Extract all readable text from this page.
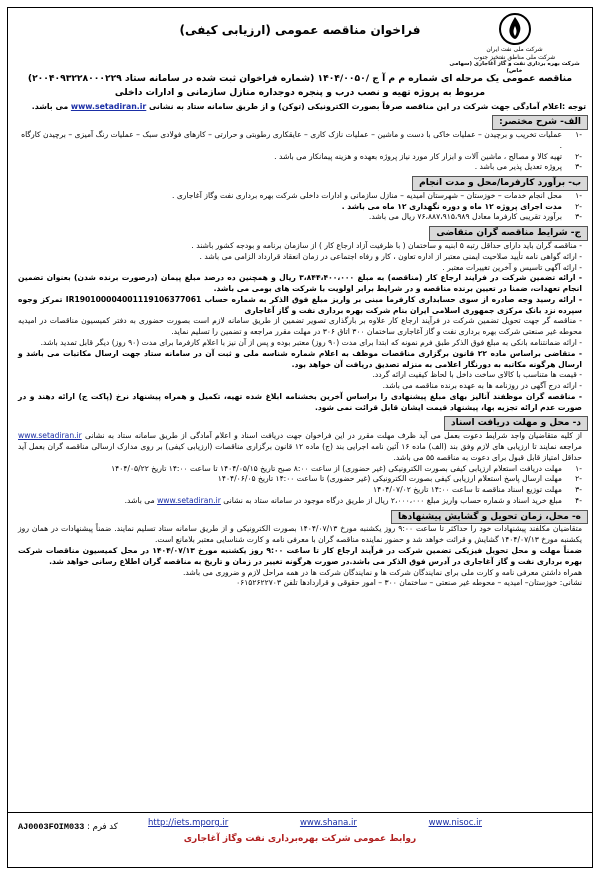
شرکت ملی نفت ایران
شرکت ملی مناطق نفتخیز جنوب
شرکت بهره برداری نفت و گاز آغاجاری (سهامی خاص)
فراخوان مناقصه عمومی (ارزیابی کیفی)
مناقصه عمومی یک مرحله ای شماره م م آ ج /۱۴۰۴/۰۰۵۰ (شماره فراخوان ثبت شده در سامانه ستاد ۲۰۰۴۰۹۳۲۲۸۰۰۰۲۲۹)
مربوط به پروژه تهیه و نصب درب و پنجره دوجداره منازل سازمانی و ادارات داخلی
توجه :اعلام آمادگی جهت شرکت در این مناقصه صرفاً بصورت الکترونیکی (توکن) و از طریق سامانه ستاد به نشانی www.setadiran.ir می باشد.
الف- شرح مختصر:
-۱
عملیات تخریب و برچیدن – عملیات خاکی با دست و ماشین – عملیات نازک کاری – عایقکاری رطوبتی و حرارتی – کارهای فولادی سبک – عملیات رنگ آمیزی – برچیدن کارگاه .
-۲
تهیه کالا و مصالح ، ماشین آلات و ابزار کار مورد نیاز پروژه بعهده و هزینه پیمانکار می باشد .
-۳
پروژه تعدیل پذیر می باشد .
ب- برآورد کارفرما/محل و مدت انجام
-۱
محل انجام خدمات – خوزستان – شهرستان امیدیه – منازل سازمانی و ادارات داخلی شرکت بهره برداری نفت وگاز آغاجاری .
-۲
مدت اجرای پروژه ۱۲ ماه و دوره نگهداری ۱۲ ماه می باشد .
-۳
برآورد تقریبی کارفرما معادل ۷۶،۸۸۷،۹۱۵،۹۸۹ ریال می باشد.
ج- شرایط مناقصه گران متقاضی
- مناقصه گران باید دارای حداقل رتبه ۵ ابنیه و ساختمان ( با ظرفیت آزاد ارجاع کار ) از سازمان برنامه و بودجه کشور باشند .
- ارائه گواهی نامه تأیید صلاحیت ایمنی معتبر از اداره تعاون ، کار و رفاه اجتماعی در زمان انعقاد قرارداد الزامی می باشد .
- ارائه آگهی تاسیس و آخرین تغییرات معتبر .
- ارائه تضمین شرکت در فرایند ارجاع کار (مناقصه) به مبلغ ۳،۸۴۴،۴۰۰،۰۰۰ ریال و همچنین ده درصد مبلغ پیمان (درصورت برنده شدن) بعنوان تضمین انجام تعهدات، ضمنا در تعیین برنده مناقصه و در شرایط برابر اولویت با شرکت های بومی می باشد.
- ارائه رسید وجه صادره از سوی حسابداری کارفرما مبنی بر واریز مبلغ فوق الذکر به شماره حساب IR190100004001119106377061 تمرکز وجوه سپرده نزد بانک مرکزی جمهوری اسلامی ایران بنام شرکت بهره برداری نفت و گاز آغاجاری
- مناقصه گر جهت تحویل تضمین شرکت در فرآیند ارجاع کار علاوه بر بارگذاری تصویر تضمین از طریق سامانه لازم است بصورت حضوری به دفتر کمیسیون مناقصات در امیدیه محوطه غیر صنعتی شرکت بهره برداری نفت و گاز آغاجاری ساختمان ۳۰۰ اتاق ۳۰۶ در مهلت مقرر مراجعه و تضمین را تسلیم نماید.
- ارائه ضمانتنامه بانکی به مبلغ فوق الذکر طبق فرم نمونه که ابتدا برای مدت (۹۰ روز) معتبر بوده و پس از آن نیز با اعلام کارفرما برای مدت (۹۰ روز) دیگر قابل تمدید باشد.
- متقاضی براساس ماده ۲۲ قانون برگزاری مناقصات موظف به اعلام شماره شناسه ملی و ثبت آن در سامانه ستاد جهت ارسال مکاتبات می باشد و ارسال هرگونه مکاتبه به دورنگار اعلامی به منزله تصدیق دریافت آن خواهد بود.
- قیمت ها متناسب با کالای ساخت داخل با لحاظ کیفیت ارائه گردد.
- ارائه درج آگهی در روزنامه ها به عهده برنده مناقصه می باشد.
- مناقصه گران موظفند آنالیز بهای مبلغ پیشنهادی را براساس آخرین بخشنامه ابلاغ شده تهیه، تکمیل و همراه پیشنهاد نرخ (پاکت ج) ارائه دهند و در صورت عدم ارائه تجزیه بها، پیشنهاد قیمت ایشان قابل قرائت نمی شود.
د- محل و مهلت دریافت اسناد
از کلیه متقاضیان واجد شرایط دعوت بعمل می آید ظرف مهلت مقرر در این فراخوان جهت دریافت اسناد و اعلام آمادگی از طریق سامانه ستاد به نشانی www.setadiran.ir مراجعه نمایند تا ارزیابی های لازم وفق بند (الف) ماده ۱۶ آئین نامه اجرایی بند (ج) ماده ۱۲ قانون برگزاری مناقصات (ارزیابی کیفی) بر روی مدارک ارسالی مناقصه گران بعمل آید حداقل امتیاز قابل قبول برای دعوت به مناقصه ۵۵ می باشد.
-۱
مهلت دریافت استعلام ارزیابی کیفی بصورت الکترونیکی (غیر حضوری) از ساعت ۸:۰۰ صبح تاریخ ۱۴۰۴/۰۵/۱۵ تا ساعت ۱۴:۰۰ تاریخ ۱۴۰۴/۰۵/۲۲
-۲
مهلت ارسال پاسخ استعلام ارزیابی کیفی بصورت الکترونیکی (غیر حضوری) تا ساعت ۱۴:۰۰ تاریخ ۱۴۰۴/۰۶/۰۵
-۳
مهلت توزیع اسناد مناقصه تا ساعت ۱۴:۰۰ تاریخ ۱۴۰۴/۰۷/۰۲
-۴
مبلغ خرید اسناد و شماره حساب واریز مبلغ ۲،۰۰۰،۰۰۰ ریال از طریق درگاه موجود در سامانه ستاد به نشانی www.setadiran.ir می باشد.
ه- محل، زمان تحویل و گشایش پیشنهادها
متقاضیان مکلفند پیشنهادات خود را حداکثر تا ساعت ۹:۰۰ روز یکشنبه مورخ ۱۴۰۴/۰۷/۱۳ بصورت الکترونیکی و از طریق سامانه ستاد تسلیم نمایند. ضمناً پیشنهادات در همان روز یکشنبه مورخ ۱۴۰۴/۰۷/۱۳ گشایش و قرائت خواهد شد و حضور نماینده مناقصه گران با معرفی نامه و کارت شناسایی معتبر بلامانع است.
ضمناً مهلت و محل تحویل فیزیکی تضمین شرکت در فرآیند ارجاع کار تا ساعت ۹:۰۰ روز یکشنبه مورخ ۱۴۰۴/۰۷/۱۳ در محل کمیسیون مناقصات شرکت بهره برداری نفت و گاز آغاجاری در آدرس فوق الذکر می باشد.در صورت هرگونه تغییر در زمان و تاریخ به مناقصه گران اطلاع رسانی خواهد شد.
همراه داشتن معرفی نامه و کارت ملی برای نمایندگان شرکت ها و نمایندگان شرکت ها در همه مراحل لازم و ضروری می باشد.
نشانی: خوزستان– امیدیه – محوطه غیر صنعتی – ساختمان ۳۰۰ – امور حقوقی و قراردادها تلفن ۰۶۱۵۲۶۲۲۷۰۳
http://iets.mporg.ir	www.shana.ir	www.nisoc.ir
روابط عمومی شرکت بهره‌برداری نفت وگاز آغاجاری
کد فرم : AJ0003FOIM033
